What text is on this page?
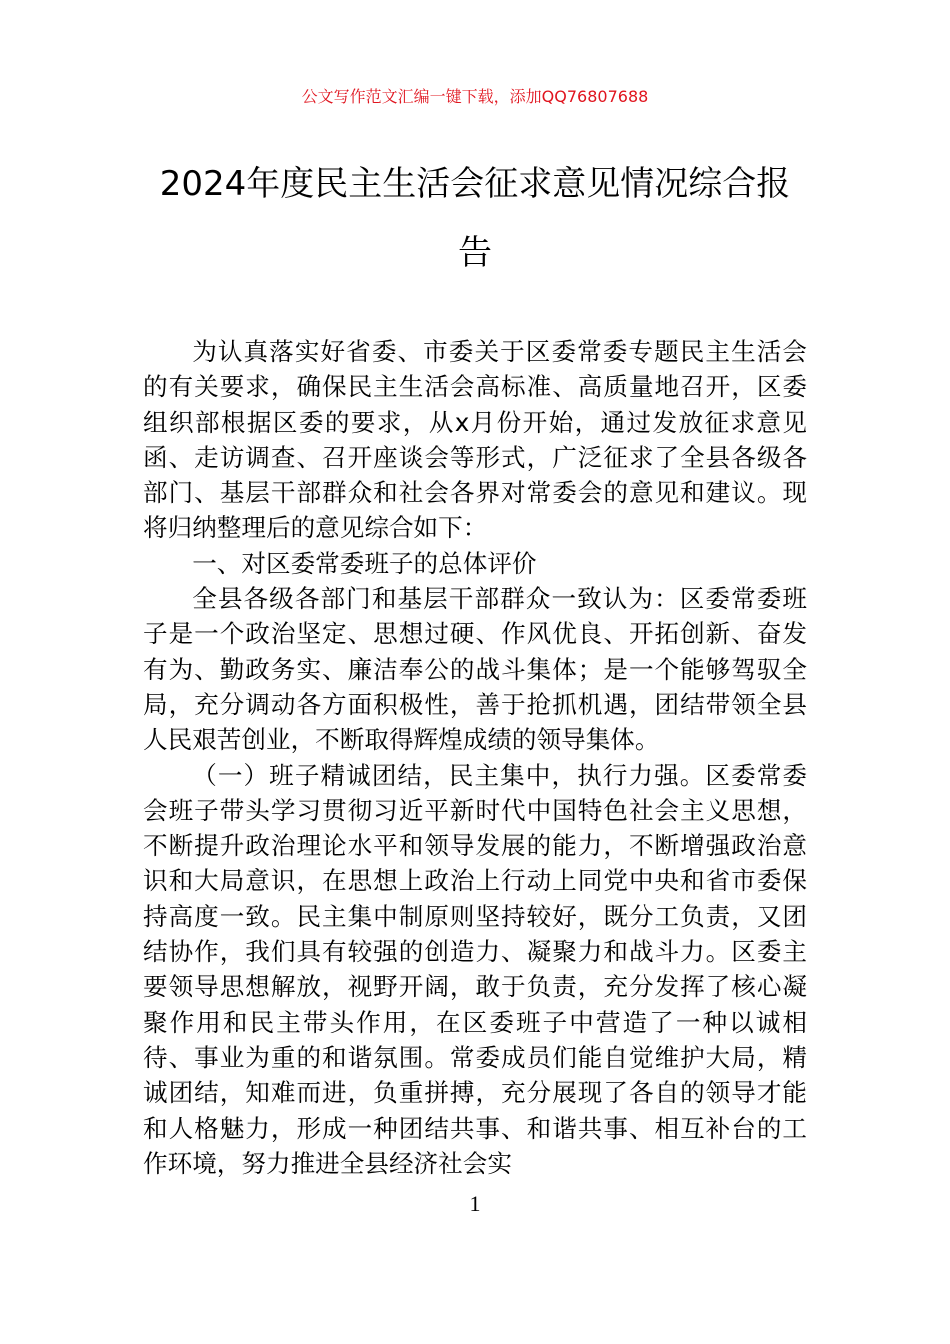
公文写作范文汇编一键下载，添加QQ76807688
2024年度民主生活会征求意见情况综合报
告

为认真落实好省委、市委关于区委常委专题民主生活会的有关要求，确保民主生活会高标准、高质量地召开，区委组织部根据区委的要求，从x月份开始，通过发放征求意见函、走访调查、召开座谈会等形式，广泛征求了全县各级各部门、基层干部群众和社会各界对常委会的意见和建议。现将归纳整理后的意见综合如下：

一、对区委常委班子的总体评价

全县各级各部门和基层干部群众一致认为：区委常委班子是一个政治坚定、思想过硬、作风优良、开拓创新、奋发有为、勤政务实、廉洁奉公的战斗集体；是一个能够驾驭全局，充分调动各方面积极性，善于抢抓机遇，团结带领全县人民艰苦创业，不断取得辉煌成绩的领导集体。

（一）班子精诚团结，民主集中，执行力强。区委常委会班子带头学习贯彻习近平新时代中国特色社会主义思想，不断提升政治理论水平和领导发展的能力，不断增强政治意识和大局意识，在思想上政治上行动上同党中央和省市委保持高度一致。民主集中制原则坚持较好，既分工负责，又团结协作，我们具有较强的创造力、凝聚力和战斗力。区委主要领导思想解放，视野开阔，敢于负责，充分发挥了核心凝聚作用和民主带头作用，在区委班子中营造了一种以诚相待、事业为重的和谐氛围。常委成员们能自觉维护大局，精诚团结，知难而进，负重拼搏，充分展现了各自的领导才能和人格魅力，形成一种团结共事、和谐共事、相互补台的工作环境，努力推进全县经济社会实

1
